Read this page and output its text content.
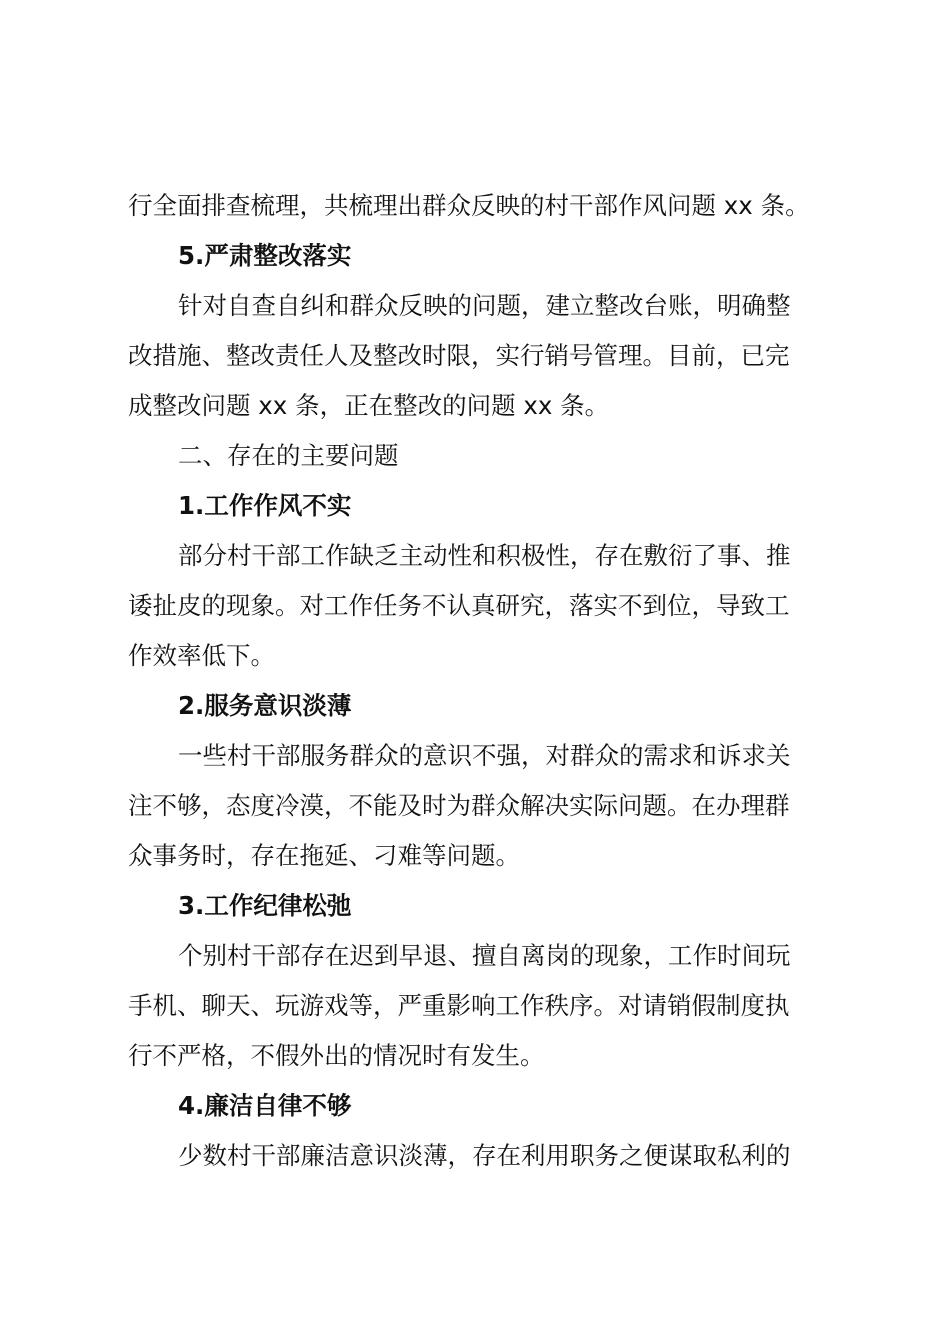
行全面排查梳理，共梳理出群众反映的村干部作风问题 xx 条。
5.严肃整改落实
针对自查自纠和群众反映的问题，建立整改台账，明确整
改措施、整改责任人及整改时限，实行销号管理。目前，已完
成整改问题 xx 条，正在整改的问题 xx 条。
二、存在的主要问题
1.工作作风不实
部分村干部工作缺乏主动性和积极性，存在敷衍了事、推
诿扯皮的现象。对工作任务不认真研究，落实不到位，导致工
作效率低下。
2.服务意识淡薄
一些村干部服务群众的意识不强，对群众的需求和诉求关
注不够，态度冷漠，不能及时为群众解决实际问题。在办理群
众事务时，存在拖延、刁难等问题。
3.工作纪律松弛
个别村干部存在迟到早退、擅自离岗的现象，工作时间玩
手机、聊天、玩游戏等，严重影响工作秩序。对请销假制度执
行不严格，不假外出的情况时有发生。
4.廉洁自律不够
少数村干部廉洁意识淡薄，存在利用职务之便谋取私利的
